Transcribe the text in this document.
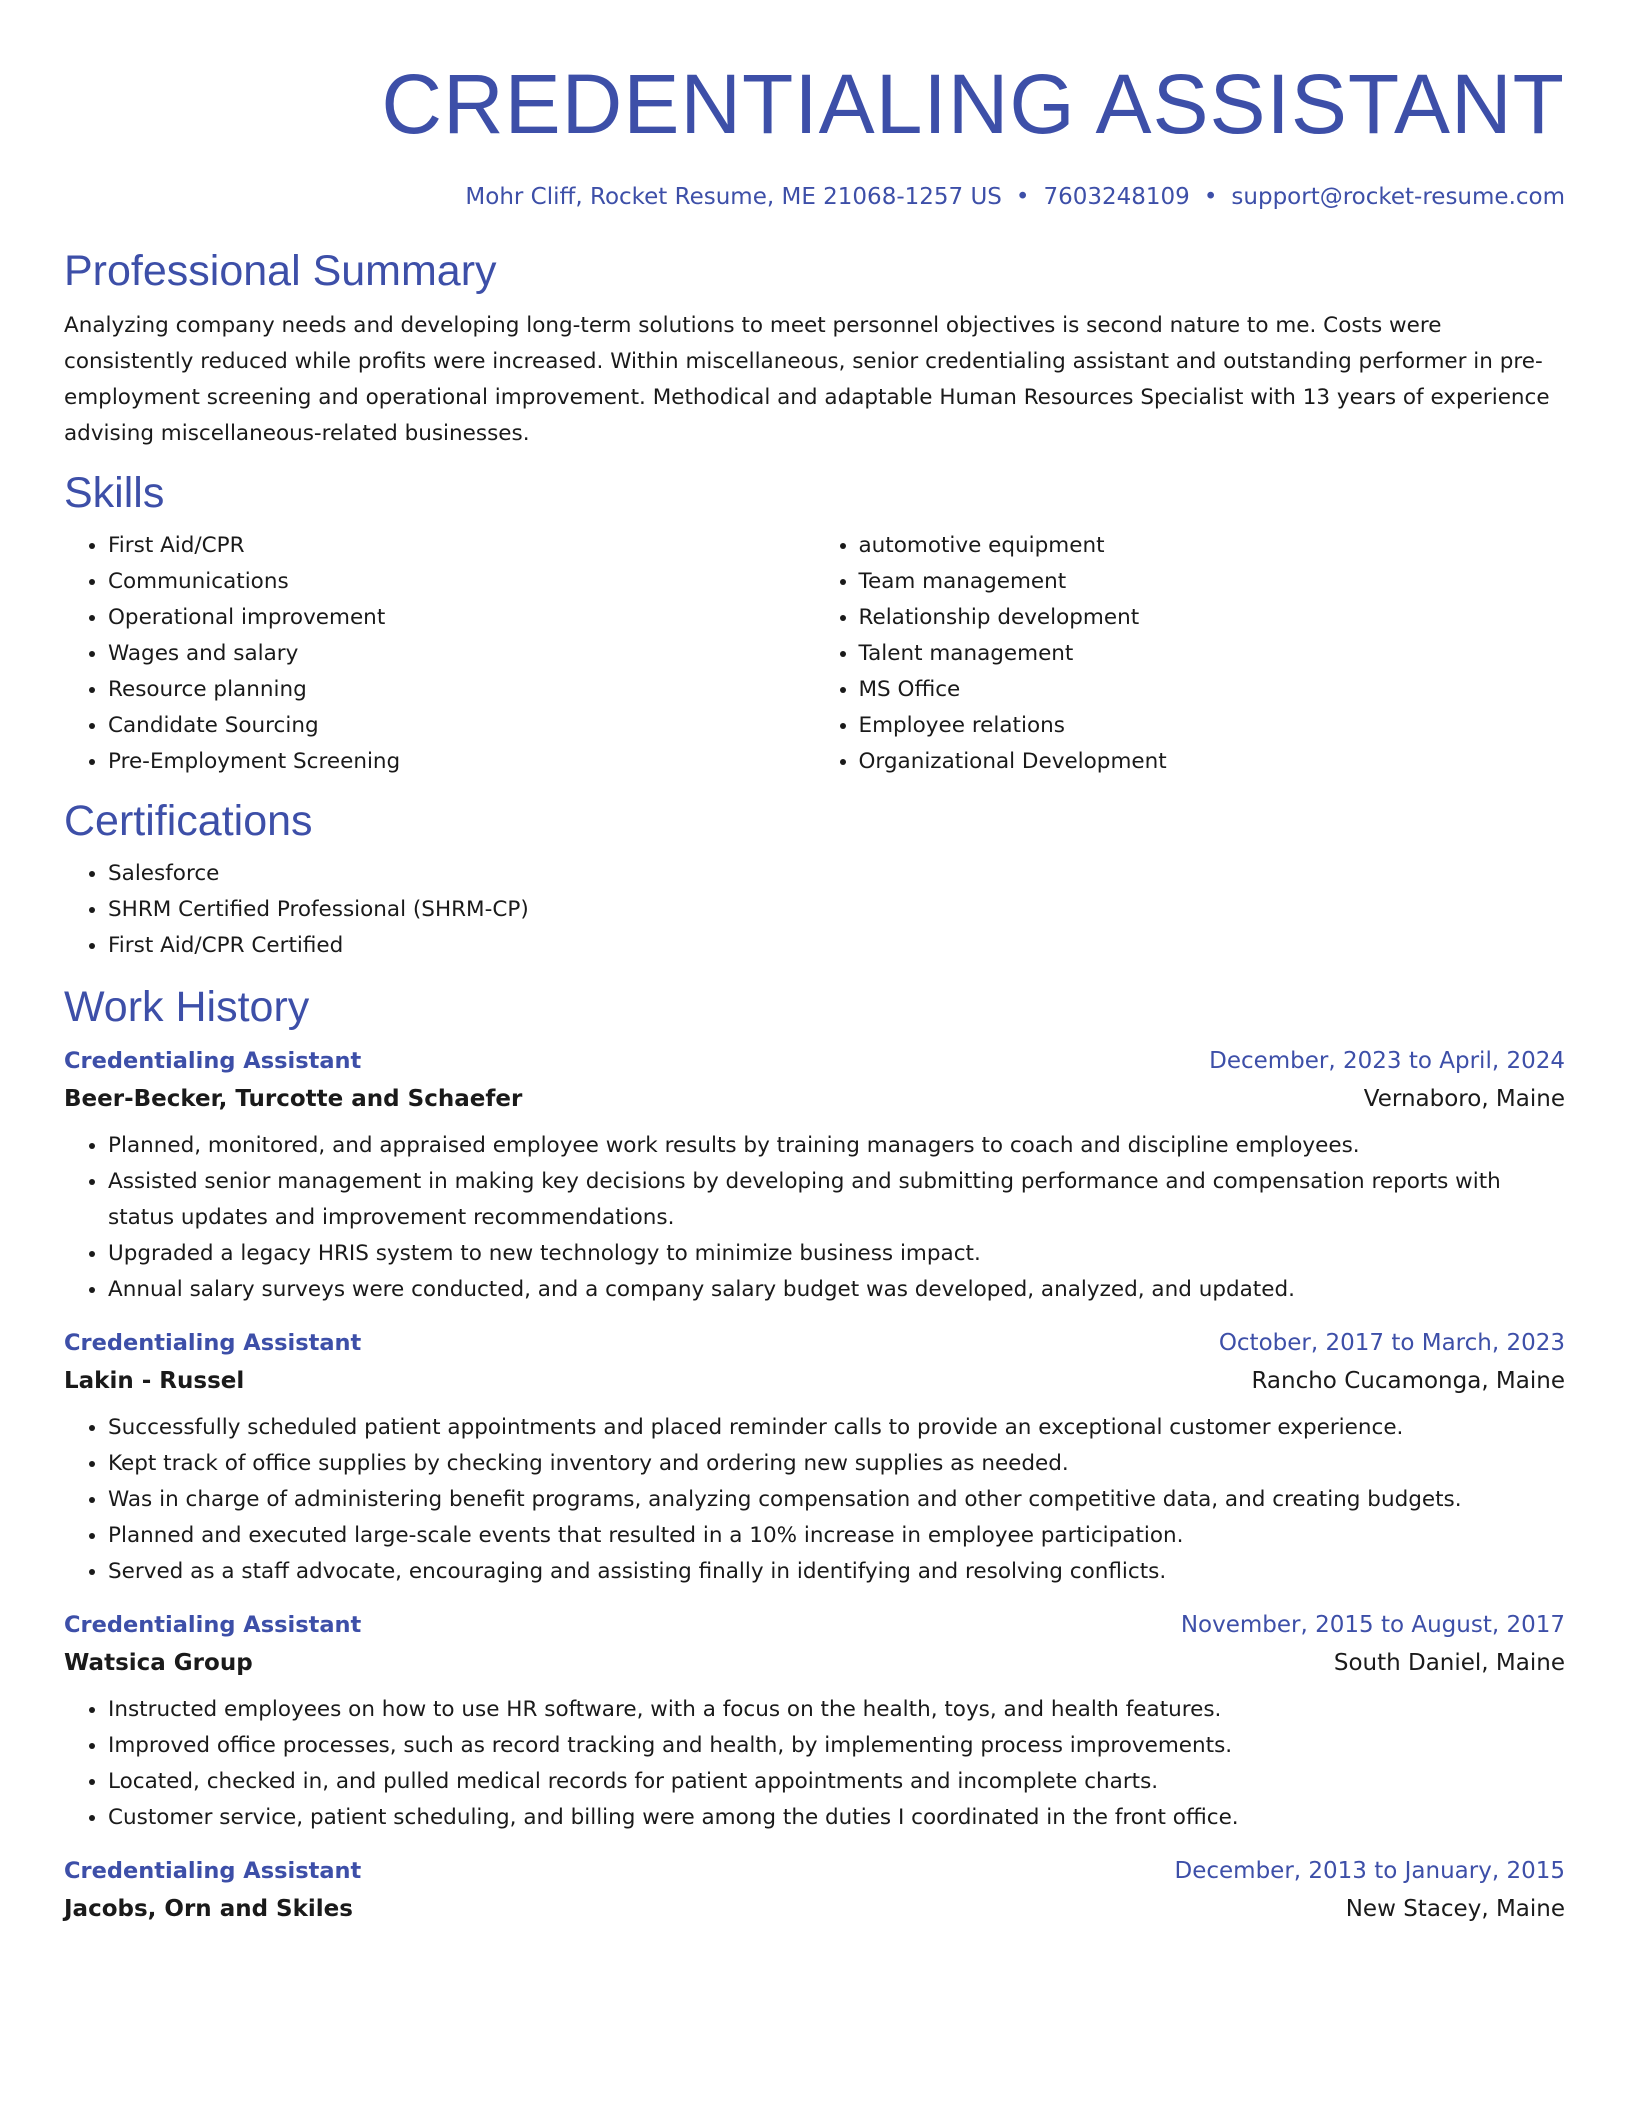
CREDENTIALING ASSISTANT
Mohr Cliff, Rocket Resume, ME 21068-1257 US • 7603248109 • support@rocket-resume.com
Professional Summary

Analyzing company needs and developing long-term solutions to meet personnel objectives is second nature to me. Costs were consistently reduced while profits were increased. Within miscellaneous, senior credentialing assistant and outstanding performer in pre-employment screening and operational improvement. Methodical and adaptable Human Resources Specialist with 13 years of experience advising miscellaneous-related businesses.

Skills
• First Aid/CPR
• Communications
• Operational improvement
• Wages and salary
• Resource planning
• Candidate Sourcing
• Pre-Employment Screening
• automotive equipment
• Team management
• Relationship development
• Talent management
• MS Office
• Employee relations
• Organizational Development
Certifications
• Salesforce
• SHRM Certified Professional (SHRM-CP)
• First Aid/CPR Certified
Work History
Credentialing Assistant	December, 2023 to April, 2024
Beer-Becker, Turcotte and Schaefer	Vernaboro, Maine
• Planned, monitored, and appraised employee work results by training managers to coach and discipline employees.
• Assisted senior management in making key decisions by developing and submitting performance and compensation reports with status updates and improvement recommendations.
• Upgraded a legacy HRIS system to new technology to minimize business impact.
• Annual salary surveys were conducted, and a company salary budget was developed, analyzed, and updated.
Credentialing Assistant	October, 2017 to March, 2023
Lakin - Russel	Rancho Cucamonga, Maine
• Successfully scheduled patient appointments and placed reminder calls to provide an exceptional customer experience.
• Kept track of office supplies by checking inventory and ordering new supplies as needed.
• Was in charge of administering benefit programs, analyzing compensation and other competitive data, and creating budgets.
• Planned and executed large-scale events that resulted in a 10% increase in employee participation.
• Served as a staff advocate, encouraging and assisting finally in identifying and resolving conflicts.
Credentialing Assistant	November, 2015 to August, 2017
Watsica Group	South Daniel, Maine
• Instructed employees on how to use HR software, with a focus on the health, toys, and health features.
• Improved office processes, such as record tracking and health, by implementing process improvements.
• Located, checked in, and pulled medical records for patient appointments and incomplete charts.
• Customer service, patient scheduling, and billing were among the duties I coordinated in the front office.
Credentialing Assistant	December, 2013 to January, 2015
Jacobs, Orn and Skiles	New Stacey, Maine
